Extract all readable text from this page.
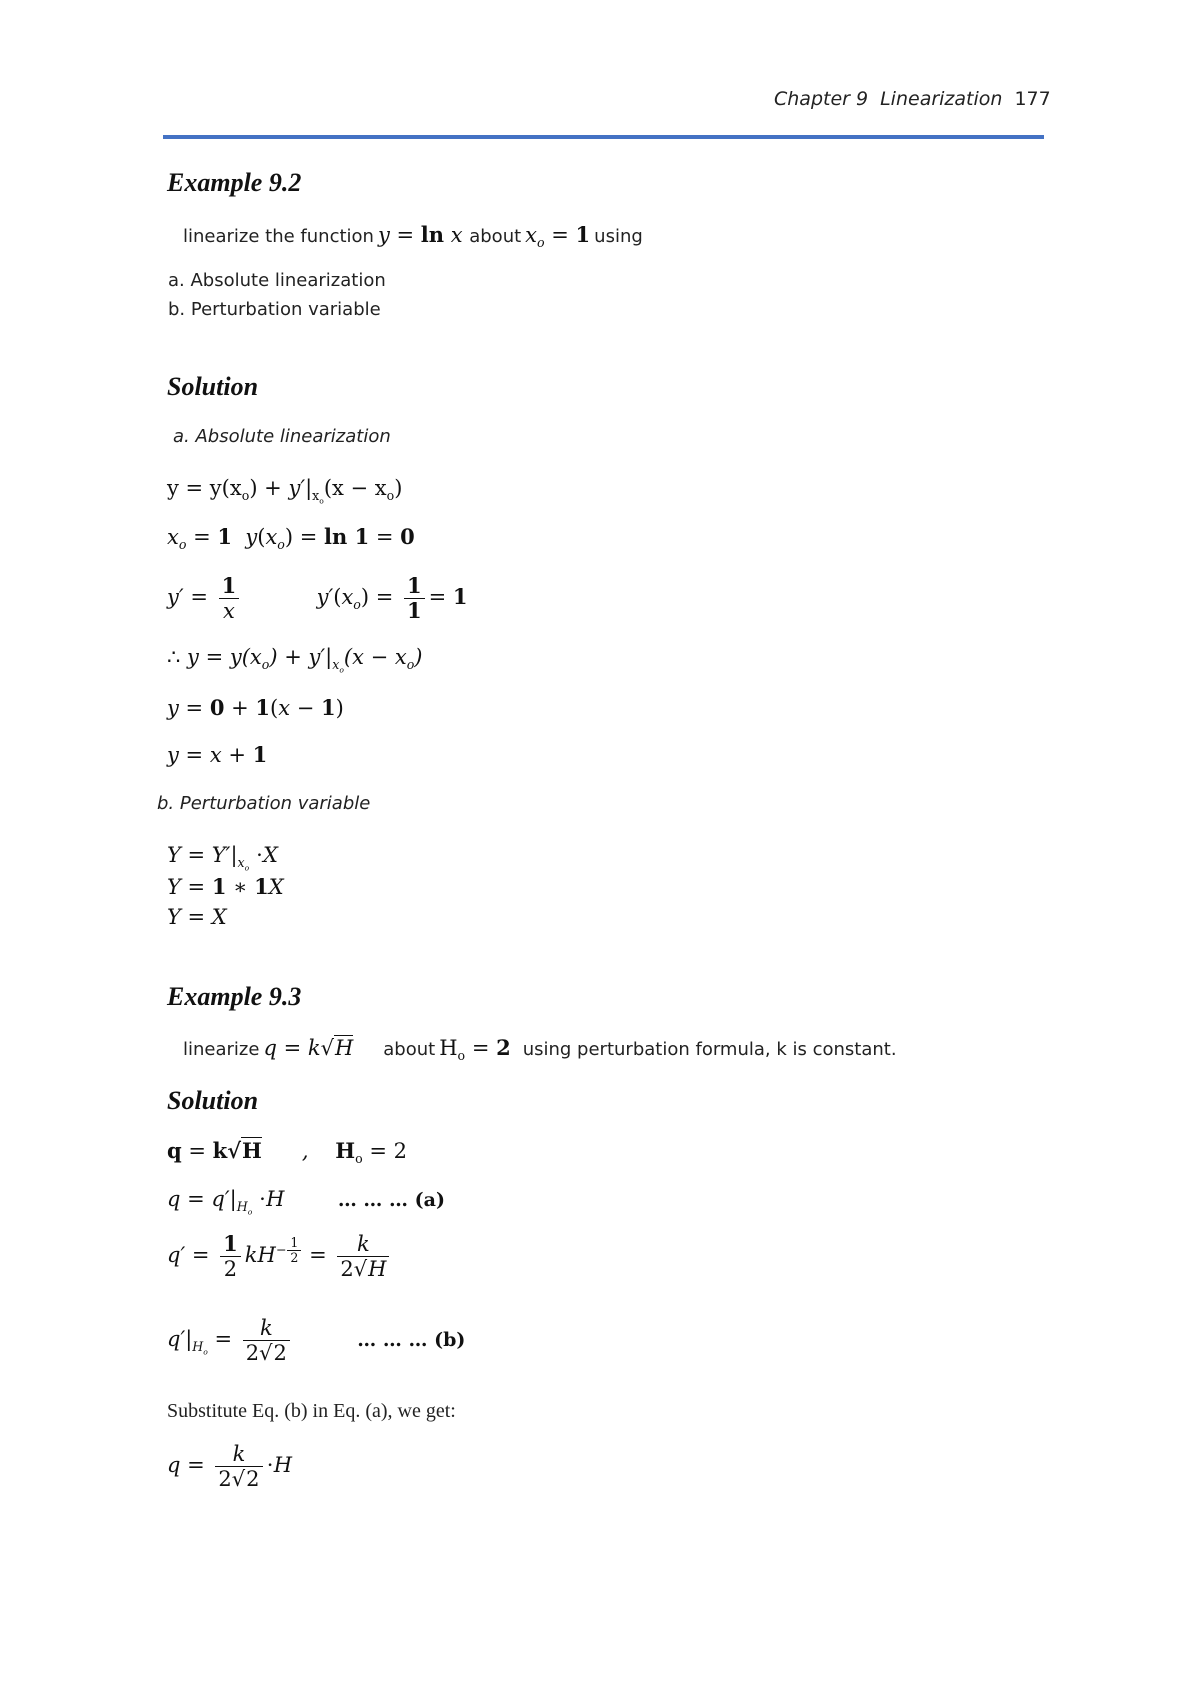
Chapter 9 Linearization 177
Example 9.2
linearize the function y = ln x about $x_o = 1$ using
a. Absolute linearization
b. Perturbation variable
Solution
a. Absolute linearization
$y = y(x_o) + y'|_{x_o}(x - x_o)$
$x_o = 1$ $y(x_o) = \ln 1 = 0$
$y' = \frac{1}{x}$	$y'(x_o) = \frac{1}{1} = 1$
∴ $y = y(x_o) + y'|_{x_o}(x - x_o)$
y = 0 + 1(x − 1)
y = x + 1
b. Perturbation variable
$Y = Y'|_{x_o} \cdot X$
Y = 1 ∗ 1X
Y = X
Example 9.3
linearize q = k√H about $H_o = 2$ using perturbation formula, k is constant.
Solution
q = k√H , $H_o = 2$
$q = q'|_{H_o} \cdot H$	… … … (a)
$q' = \frac{1}{2} kH^{- \frac{1}{2}} = \frac{k}{2√H}$
$q'|_{H_o} = \frac{k}{2√2}$	… … … (b)
Substitute Eq. (b) in Eq. (a), we get:
$q = \frac{k}{2√2} \cdot H$
